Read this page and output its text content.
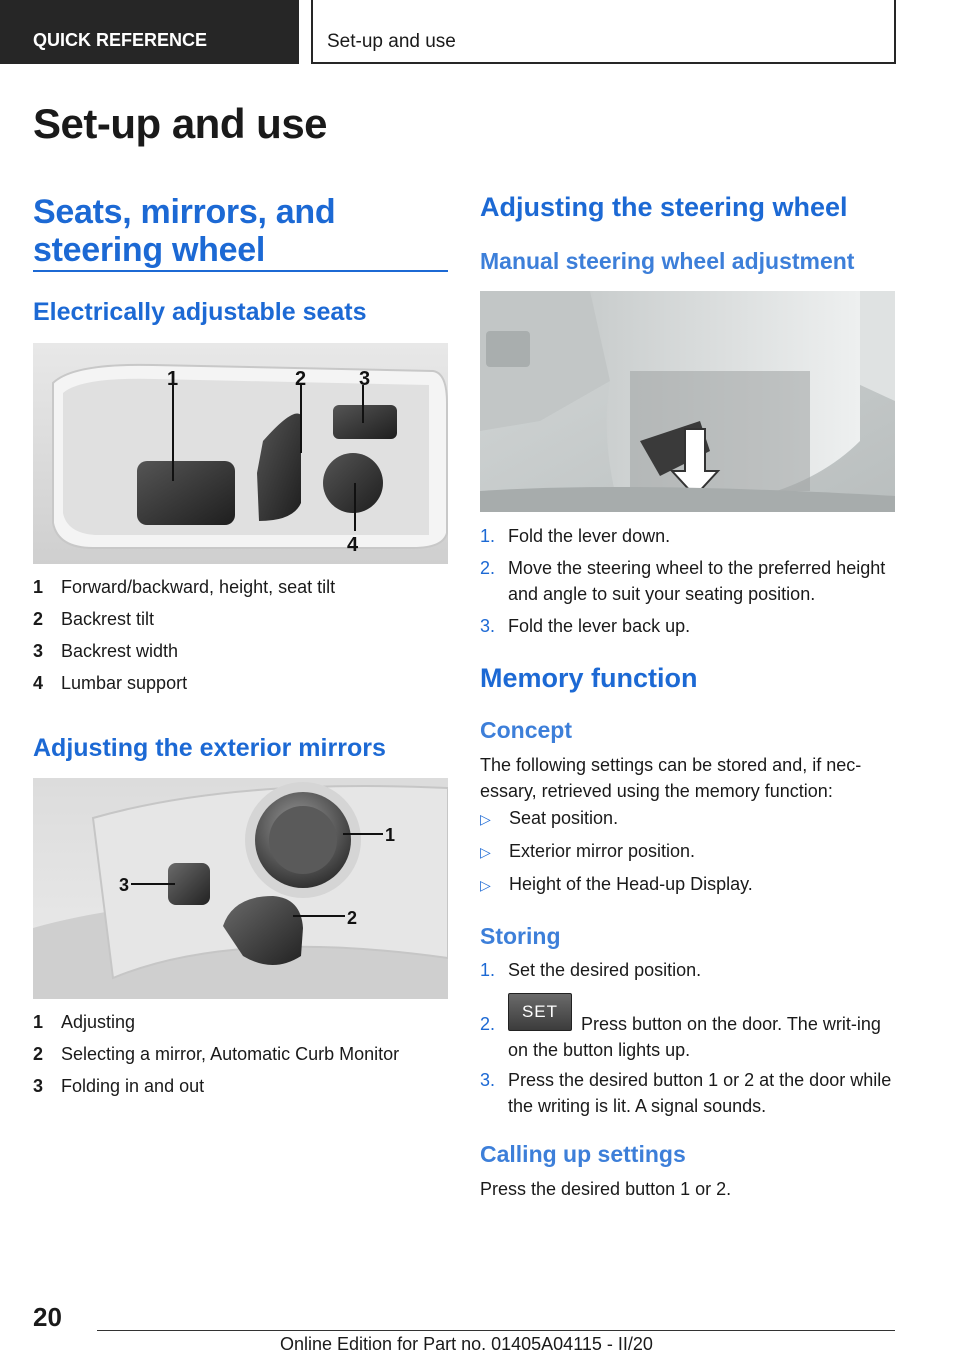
QUICK REFERENCE	Set-up and use
Set-up and use
Seats, mirrors, and steering wheel
Electrically adjustable seats
1	2	3
4
1 Forward/backward, height, seat tilt
2 Backrest tilt
3 Backrest width
4 Lumbar support
Adjusting the exterior mirrors
1
2
3
1 Adjusting
2 Selecting a mirror, Automatic Curb Monitor
3 Folding in and out
Adjusting the steering wheel
Manual steering wheel adjustment
1. Fold the lever down.
2. Move the steering wheel to the preferred height and angle to suit your seating position.
3. Fold the lever back up.
Memory function
Concept
The following settings can be stored and, if nec-essary, retrieved using the memory function:
▷ Seat position.
▷ Exterior mirror position.
▷ Height of the Head-up Display.
Storing
1. Set the desired position.
2.
SET
Press button on the door. The writ-ing on the button lights up.
3. Press the desired button 1 or 2 at the door while the writing is lit. A signal sounds.
Calling up settings
Press the desired button 1 or 2.
20
Online Edition for Part no. 01405A04115 - II/20
